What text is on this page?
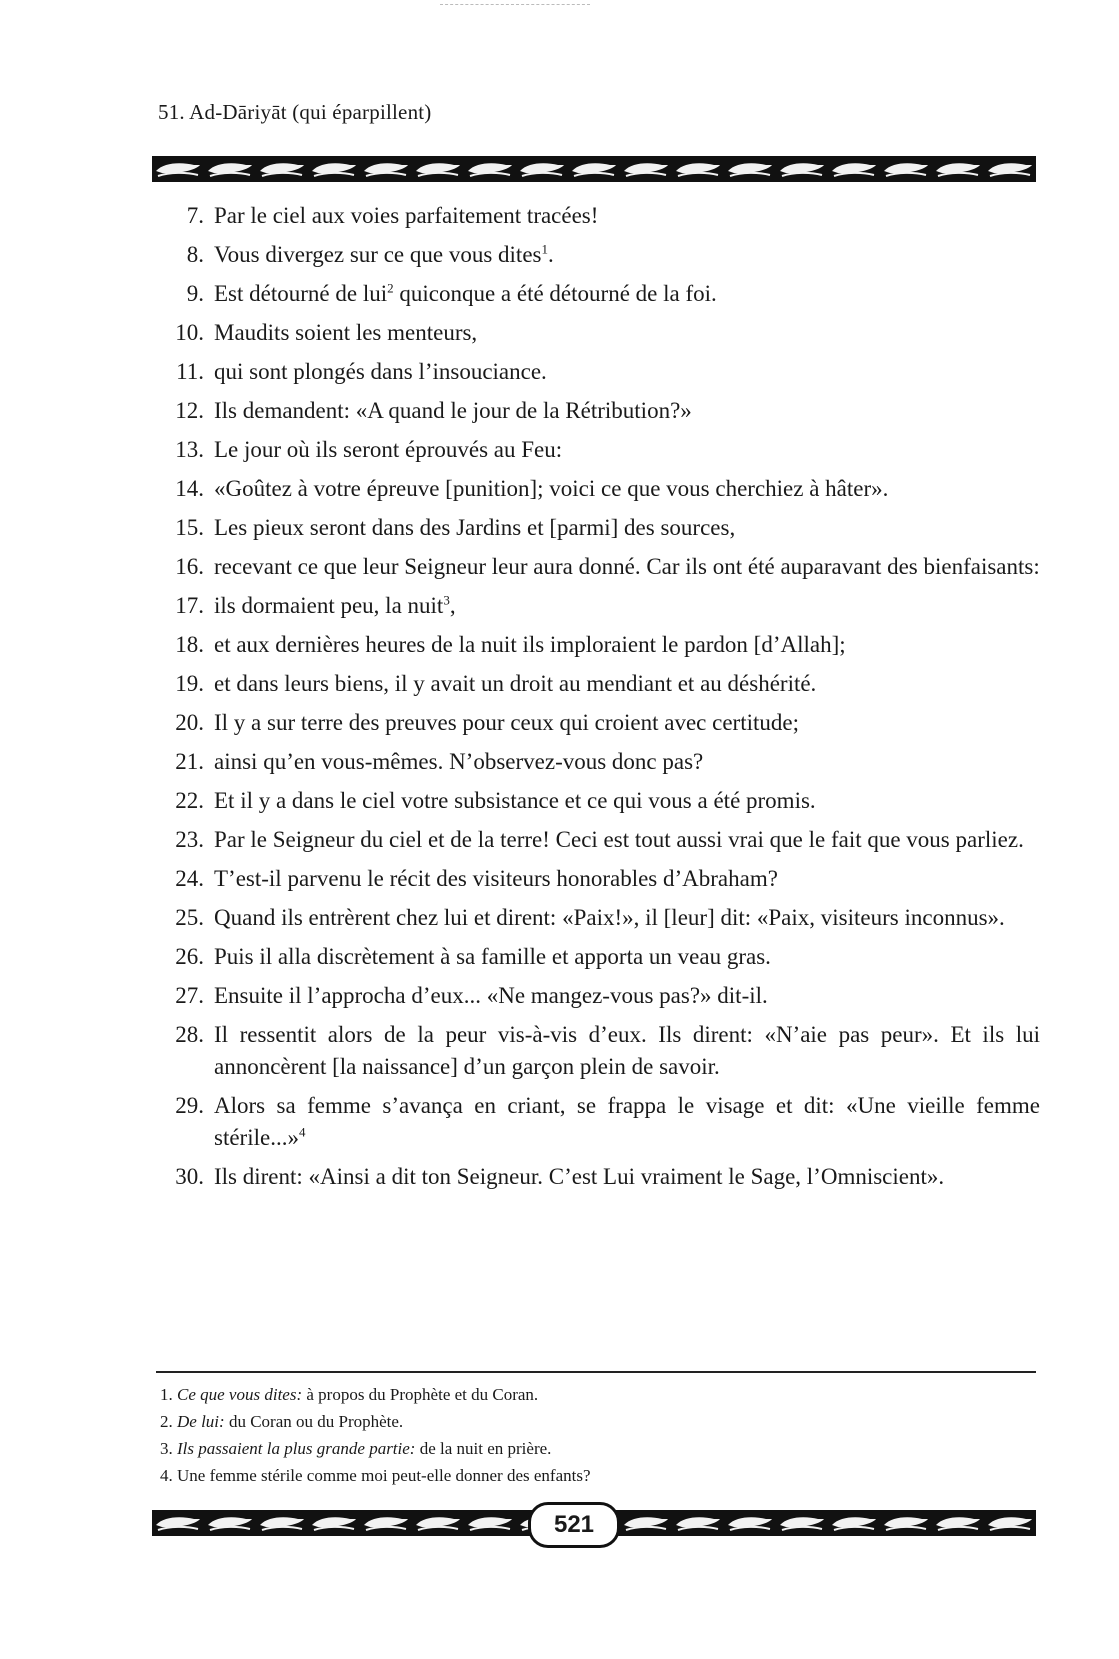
51. Ad-Dāriyāt (qui éparpillent)
7. Par le ciel aux voies parfaitement tracées!
8. Vous divergez sur ce que vous dites$^1$.
9. Est détourné de lui$^2$ quiconque a été détourné de la foi.
10. Maudits soient les menteurs,
11. qui sont plongés dans l’insouciance.
12. Ils demandent: «A quand le jour de la Rétribution?»
13. Le jour où ils seront éprouvés au Feu:
14. «Goûtez à votre épreuve [punition]; voici ce que vous cherchiez à hâter».
15. Les pieux seront dans des Jardins et [parmi] des sources,
16. recevant ce que leur Seigneur leur aura donné. Car ils ont été auparavant des bienfaisants:
17. ils dormaient peu, la nuit$^3$,
18. et aux dernières heures de la nuit ils imploraient le pardon [d’Allah];
19. et dans leurs biens, il y avait un droit au mendiant et au déshérité.
20. Il y a sur terre des preuves pour ceux qui croient avec certitude;
21. ainsi qu’en vous-mêmes. N’observez-vous donc pas?
22. Et il y a dans le ciel votre subsistance et ce qui vous a été promis.
23. Par le Seigneur du ciel et de la terre! Ceci est tout aussi vrai que le fait que vous parliez.
24. T’est-il parvenu le récit des visiteurs honorables d’Abraham?
25. Quand ils entrèrent chez lui et dirent: «Paix!», il [leur] dit: «Paix, visiteurs inconnus».
26. Puis il alla discrètement à sa famille et apporta un veau gras.
27. Ensuite il l’approcha d’eux... «Ne mangez-vous pas?» dit-il.
28. Il ressentit alors de la peur vis-à-vis d’eux. Ils dirent: «N’aie pas peur». Et ils lui annoncèrent [la naissance] d’un garçon plein de savoir.
29. Alors sa femme s’avança en criant, se frappa le visage et dit: «Une vieille femme stérile...»$^4$
30. Ils dirent: «Ainsi a dit ton Seigneur. C’est Lui vraiment le Sage, l’Omniscient».
1. Ce que vous dites: à propos du Prophète et du Coran.
2. De lui: du Coran ou du Prophète.
3. Ils passaient la plus grande partie: de la nuit en prière.
4. Une femme stérile comme moi peut-elle donner des enfants?
521
